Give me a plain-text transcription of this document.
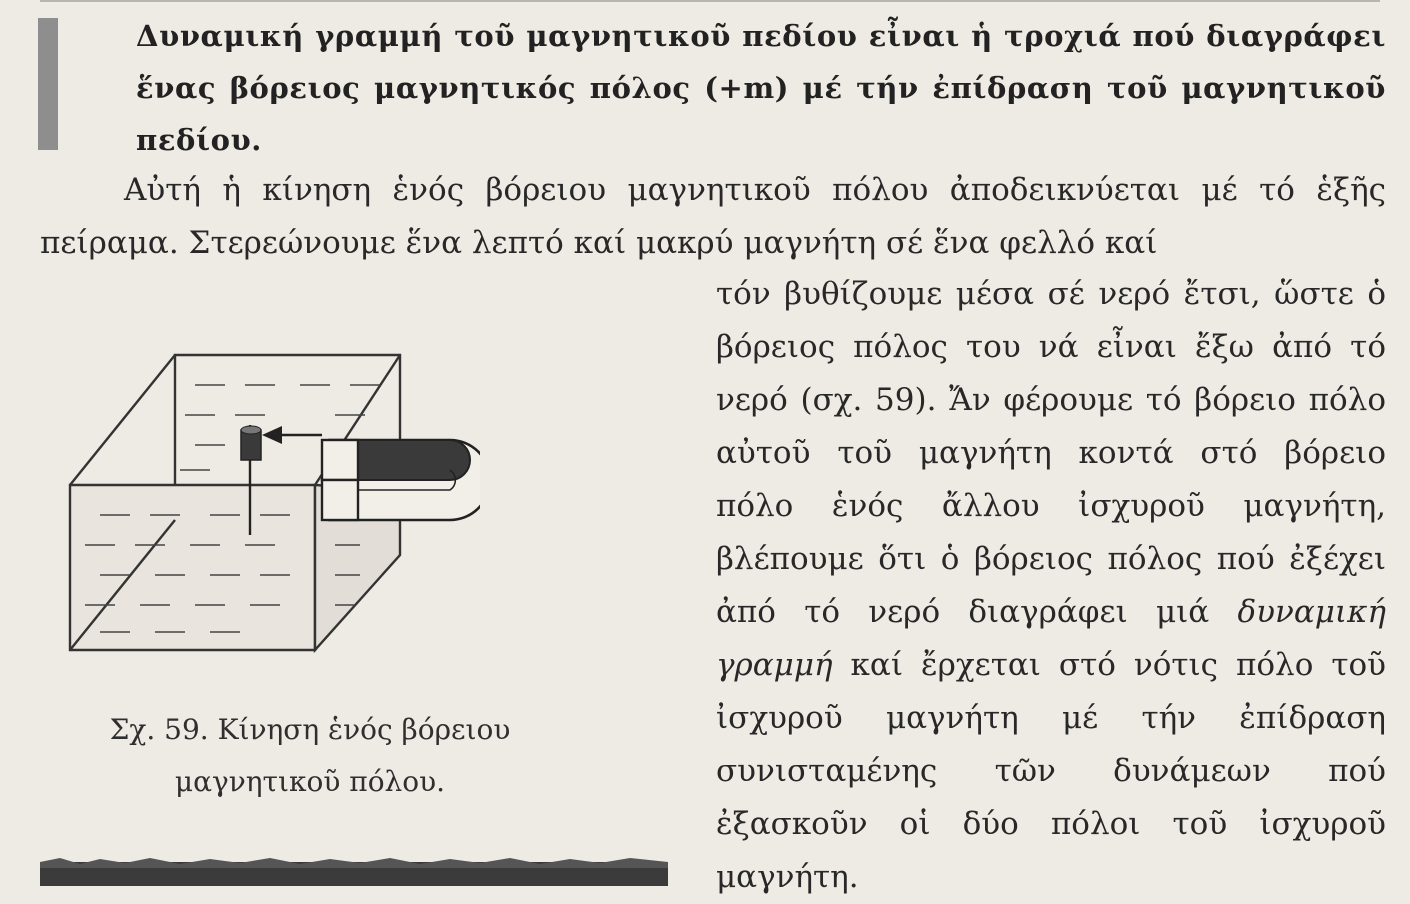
Δυναμική γραμμή τοῦ μαγνητικοῦ πεδίου εἶναι ἡ τροχιά πού διαγράφει ἕνας βόρειος μαγνητικός πόλος (+m) μέ τήν ἐπίδραση τοῦ μαγνητικοῦ πεδίου.
Αὐτή ἡ κίνηση ἑνός βόρειου μαγνητικοῦ πόλου ἀποδεικνύεται μέ τό ἑξῆς πείραμα. Στερεώνουμε ἕνα λεπτό καί μακρύ μαγνήτη σέ ἕνα φελλό καί
τόν βυθίζουμε μέσα σέ νερό ἔτσι, ὥστε ὁ βόρειος πόλος του νά εἶναι ἔξω ἀπό τό νερό (σχ. 59). Ἄν φέρουμε τό βόρειο πόλο αὐτοῦ τοῦ μαγνήτη κοντά στό βόρειο πόλο ἑνός ἄλλου ἰσχυροῦ μαγνήτη, βλέπουμε ὅτι ὁ βόρειος πόλος πού ἐξέχει ἀπό τό νερό διαγράφει μιά δυναμική γραμμή καί ἔρχεται στό νότις πόλο τοῦ ἰσχυροῦ μαγνήτη μέ τήν ἐπίδραση συνισταμένης τῶν δυνάμεων πού ἐξασκοῦν οἱ δύο πόλοι τοῦ ἰσχυροῦ μαγνήτη.
Σχ. 59. Κίνηση ἑνός βόρειου
μαγνητικοῦ πόλου.
